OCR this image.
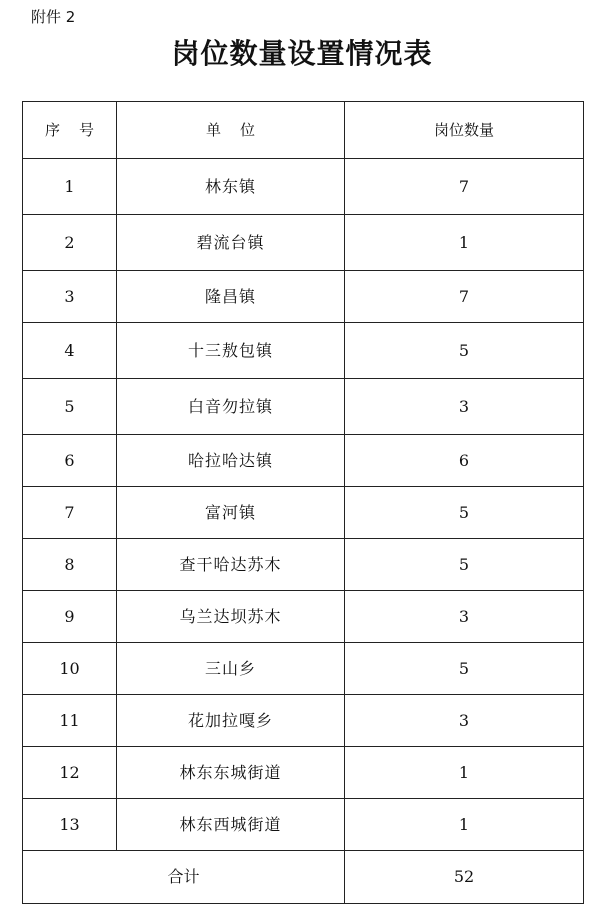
附件 2
岗位数量设置情况表
序    号	单    位	岗位数量
1	林东镇	7
2	碧流台镇	1
3	隆昌镇	7
4	十三敖包镇	5
5	白音勿拉镇	3
6	哈拉哈达镇	6
7	富河镇	5
8	查干哈达苏木	5
9	乌兰达坝苏木	3
10	三山乡	5
11	花加拉嘎乡	3
12	林东东城街道	1
13	林东西城街道	1
合计		52
